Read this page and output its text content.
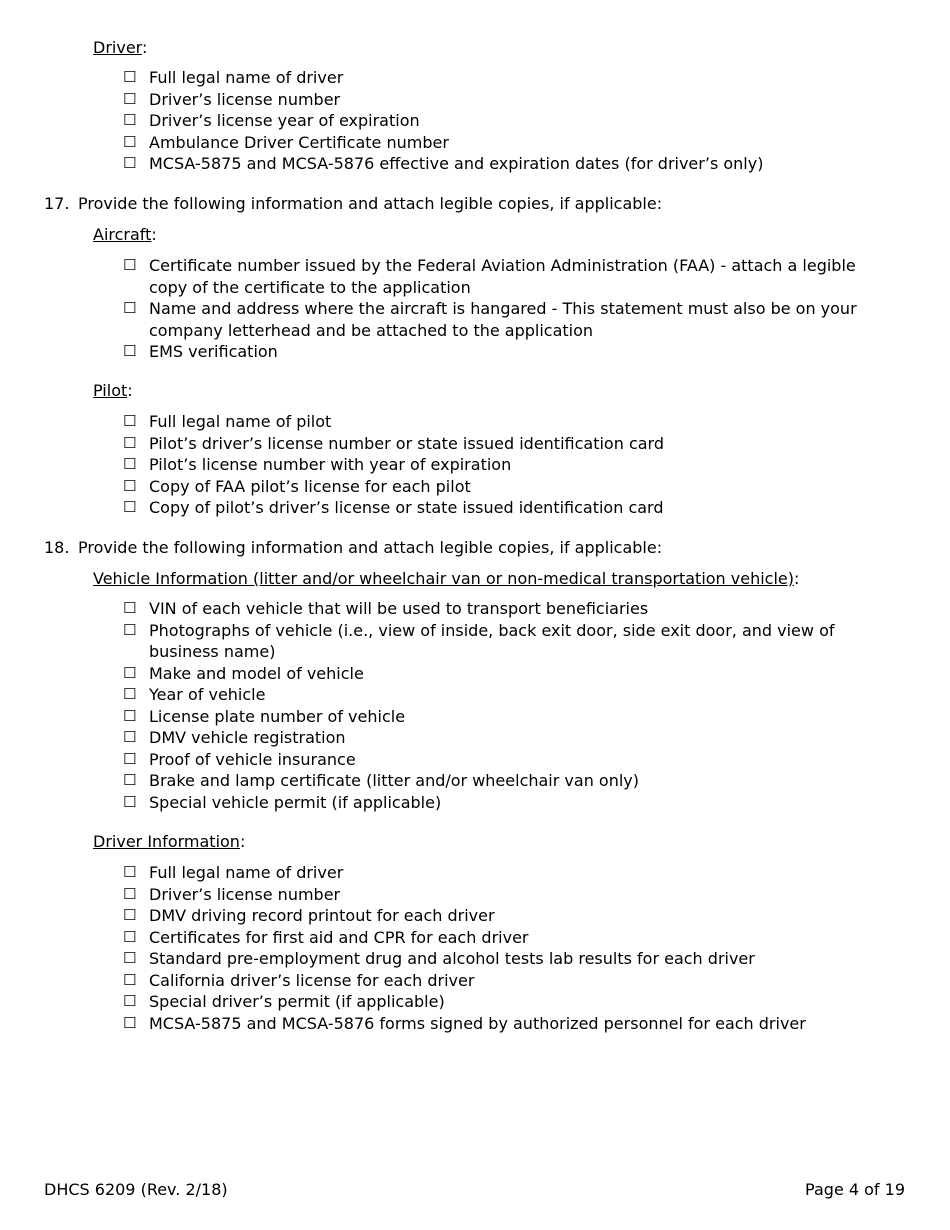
Driver:
☐ Full legal name of driver
☐ Driver’s license number
☐ Driver’s license year of expiration
☐ Ambulance Driver Certificate number
☐ MCSA-5875 and MCSA-5876 effective and expiration dates (for driver’s only)
17. Provide the following information and attach legible copies, if applicable:
Aircraft:
☐ Certificate number issued by the Federal Aviation Administration (FAA) - attach a legible copy of the certificate to the application
☐ Name and address where the aircraft is hangared - This statement must also be on your company letterhead and be attached to the application
☐ EMS verification
Pilot:
☐ Full legal name of pilot
☐ Pilot’s driver’s license number or state issued identification card
☐ Pilot’s license number with year of expiration
☐ Copy of FAA pilot’s license for each pilot
☐ Copy of pilot’s driver’s license or state issued identification card
18. Provide the following information and attach legible copies, if applicable:
Vehicle Information (litter and/or wheelchair van or non-medical transportation vehicle):
☐ VIN of each vehicle that will be used to transport beneficiaries
☐ Photographs of vehicle (i.e., view of inside, back exit door, side exit door, and view of business name)
☐ Make and model of vehicle
☐ Year of vehicle
☐ License plate number of vehicle
☐ DMV vehicle registration
☐ Proof of vehicle insurance
☐ Brake and lamp certificate (litter and/or wheelchair van only)
☐ Special vehicle permit (if applicable)
Driver Information:
☐ Full legal name of driver
☐ Driver’s license number
☐ DMV driving record printout for each driver
☐ Certificates for first aid and CPR for each driver
☐ Standard pre-employment drug and alcohol tests lab results for each driver
☐ California driver’s license for each driver
☐ Special driver’s permit (if applicable)
☐ MCSA-5875 and MCSA-5876 forms signed by authorized personnel for each driver
DHCS 6209 (Rev. 2/18)	Page 4 of 19
